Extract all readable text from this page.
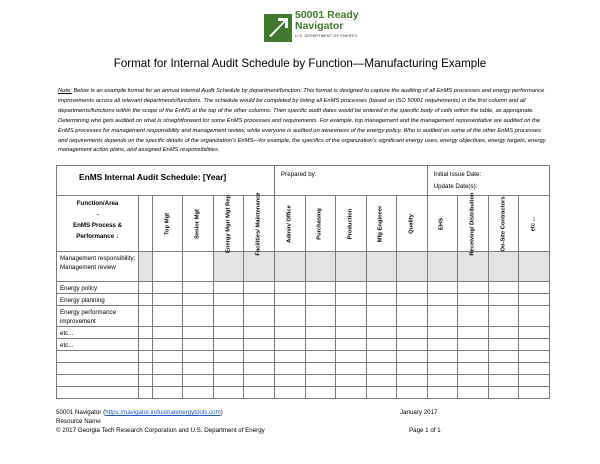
50001 Ready
Navigator
U.S. DEPARTMENT OF ENERGY
Format for Internal Audit Schedule by Function—Manufacturing Example
Note: Below is an example format for an annual Internal Audit Schedule by department/function. This format is designed to capture the auditing of all EnMS processes and energy performance improvements across all relevant departments/functions. The schedule would be completed by listing all EnMS processes (based on ISO 50001 requirements) in the first column and all departments/functions within the scope of the EnMS at the top of the other columns. Then specific audit dates would be entered in the specific body of cells within the table, as appropriate. Determining who gets audited on what is straightforward for some EnMS processes and requirements. For example, top management and the management representative are audited on the EnMS processes for management responsibility and management review, while everyone is audited on awareness of the energy policy. Who is audited on some of the other EnMS processes and requirements depends on the specific details of the organization’s EnMS—for example, the specifics of the organization’s significant energy uses, energy objectives, energy targets, energy management action plans, and assigned EnMS responsibilities.
EnMS Internal Audit Schedule: [Year]						Prepared by:					Initial Issue Date:
Update Date(s):			

Function/Area
→
EnMS Process &
Performance ↓		Top Mgt	Senior Mgt	Energy Mgr/ Mgt Rep	Facilities/ Maintenance	Admin/ Office	Purchasing	Production	Mfg Engineer	Quality	EHS	Receiving/ Distribution	On-Site Contractors	etc ...

Management responsibility; Management review														
Energy policy														
Energy planning														
Energy performance improvement														
etc...														
etc...														

50001 Navigator (https://navigator.industrialenergytools.com)
Resource Name
© 2017 Georgia Tech Research Corporation and U.S. Department of Energy
January 2017
Page 1 of 1
